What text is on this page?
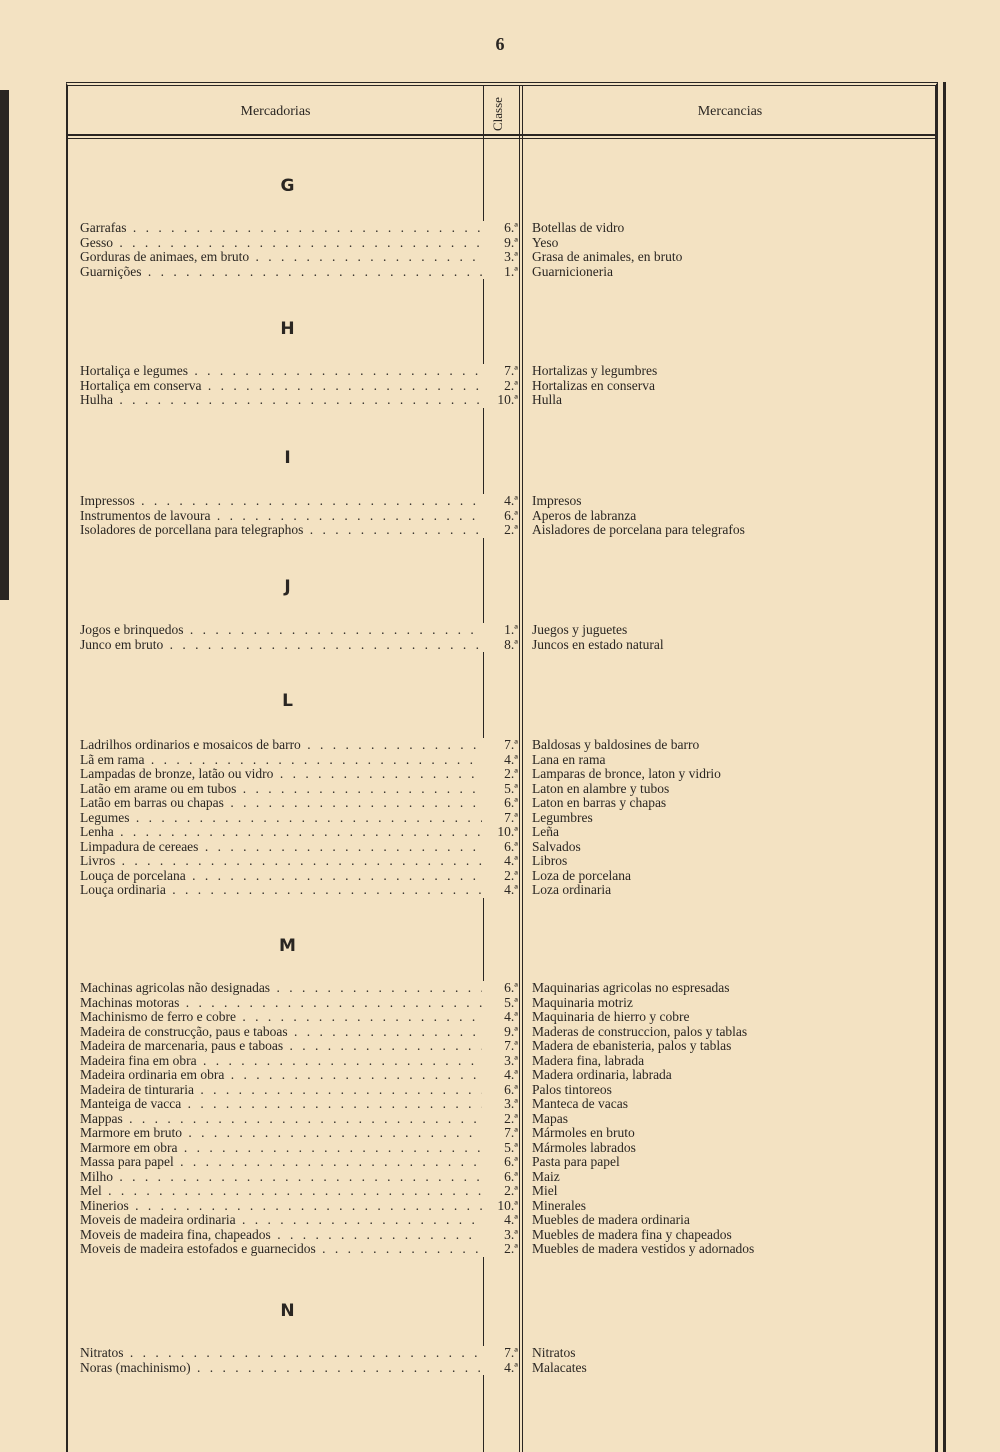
6
Mercadorias	Classe	Mercancias
G
Garrafas . . .	6.ª Botellas de vidro
Gesso . . .	9.ª Yeso
Gorduras de animaes, em bruto . . .	3.ª Grasa de animales, en bruto
Guarnições . . .	1.ª Guarnicioneria
H
Hortaliça e legumes . . .	7.ª Hortalizas y legumbres
Hortaliça em conserva . . .	2.ª Hortalizas en conserva
Hulha . . .	10.ª Hulla
I
Impressos . . .	4.ª Impresos
Instrumentos de lavoura . . .	6.ª Aperos de labranza
Isoladores de porcellana para telegraphos . . .	2.ª Aisladores de porcelana para telegrafos
J
Jogos e brinquedos . . .	1.ª Juegos y juguetes
Junco em bruto . . .	8.ª Juncos en estado natural
L
Ladrilhos ordinarios e mosaicos de barro . . .	7.ª Baldosas y baldosines de barro
Lã em rama . . .	4.ª Lana en rama
Lampadas de bronze, latão ou vidro . . .	2.ª Lamparas de bronce, laton y vidrio
Latão em arame ou em tubos . . .	5.ª Laton en alambre y tubos
Latão em barras ou chapas . . .	6.ª Laton en barras y chapas
Legumes . . .	7.ª Legumbres
Lenha . . .	10.ª Leña
Limpadura de cereaes . . .	6.ª Salvados
Livros . . .	4.ª Libros
Louça de porcelana . . .	2.ª Loza de porcelana
Louça ordinaria . . .	4.ª Loza ordinaria
M
Machinas agricolas não designadas . . .	6.ª Maquinarias agricolas no espresadas
Machinas motoras . . .	5.ª Maquinaria motriz
Machinismo de ferro e cobre . . .	4.ª Maquinaria de hierro y cobre
Madeira de construcção, paus e taboas . . .	9.ª Maderas de construccion, palos y tablas
Madeira de marcenaria, paus e taboas . . .	7.ª Madera de ebanisteria, palos y tablas
Madeira fina em obra . . .	3.ª Madera fina, labrada
Madeira ordinaria em obra . . .	4.ª Madera ordinaria, labrada
Madeira de tinturaria . . .	6.ª Palos tintoreos
Manteiga de vacca . . .	3.ª Manteca de vacas
Mappas . . .	2.ª Mapas
Marmore em bruto . . .	7.ª Mármoles en bruto
Marmore em obra . . .	5.ª Mármoles labrados
Massa para papel . . .	6.ª Pasta para papel
Milho . . .	6.ª Maiz
Mel . . .	2.ª Miel
Minerios . . .	10.ª Minerales
Moveis de madeira ordinaria . . .	4.ª Muebles de madera ordinaria
Moveis de madeira fina, chapeados . . .	3.ª Muebles de madera fina y chapeados
Moveis de madeira estofados e guarnecidos . . .	2.ª Muebles de madera vestidos y adornados
N
Nitratos . . .	7.ª Nitratos
Noras (machinismo) . . .	4.ª Malacates
